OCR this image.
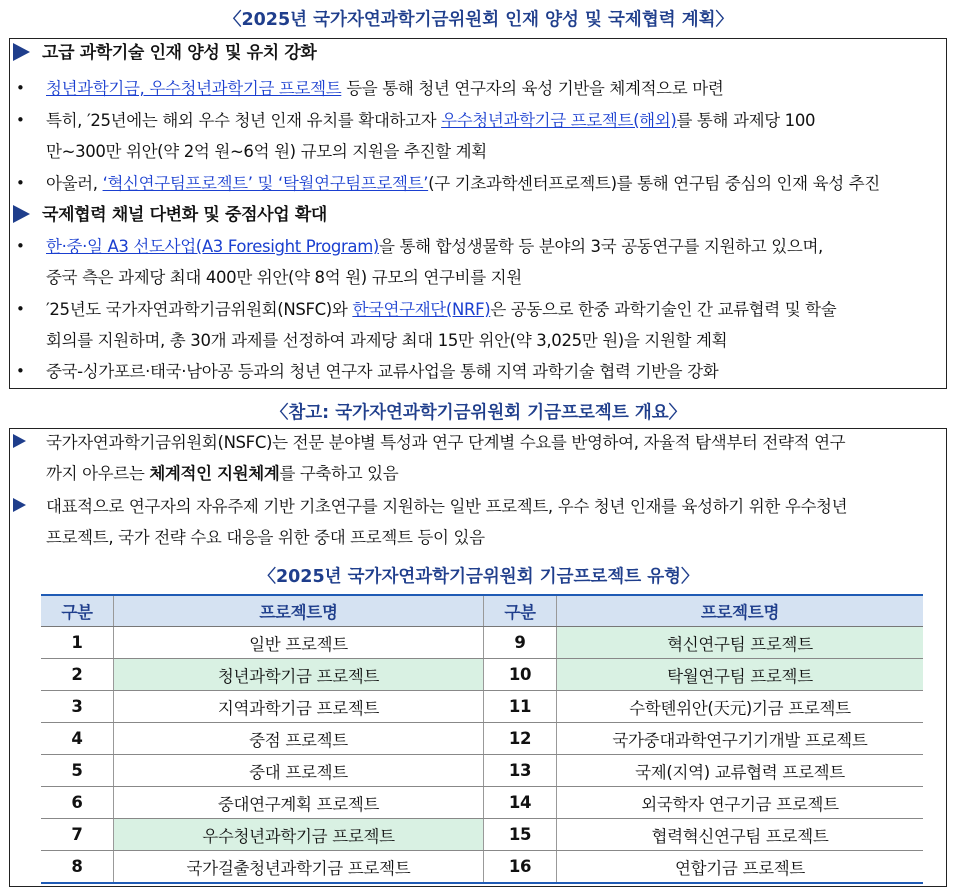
〈2025년 국가자연과학기금위원회 인재 양성 및 국제협력 계획〉
고급 과학기술 인재 양성 및 유치 강화
• 청년과학기금, 우수청년과학기금 프로젝트 등을 통해 청년 연구자의 육성 기반을 체계적으로 마련
• 특히, ′25년에는 해외 우수 청년 인재 유치를 확대하고자 우수청년과학기금 프로젝트(해외)를 통해 과제당 100
만~300만 위안(약 2억 원~6억 원) 규모의 지원을 추진할 계획
• 아울러, ‘혁신연구팀프로젝트’ 및 ‘탁월연구팀프로젝트’(구 기초과학센터프로젝트)를 통해 연구팀 중심의 인재 육성 추진
국제협력 채널 다변화 및 중점사업 확대
• 한·중·일 A3 선도사업(A3 Foresight Program)을 통해 합성생물학 등 분야의 3국 공동연구를 지원하고 있으며,
중국 측은 과제당 최대 400만 위안(약 8억 원) 규모의 연구비를 지원
• ′25년도 국가자연과학기금위원회(NSFC)와 한국연구재단(NRF)은 공동으로 한중 과학기술인 간 교류협력 및 학술
회의를 지원하며, 총 30개 과제를 선정하여 과제당 최대 15만 위안(약 3,025만 원)을 지원할 계획
• 중국-싱가포르·태국·남아공 등과의 청년 연구자 교류사업을 통해 지역 과학기술 협력 기반을 강화
〈참고: 국가자연과학기금위원회 기금프로젝트 개요〉
국가자연과학기금위원회(NSFC)는 전문 분야별 특성과 연구 단계별 수요를 반영하여, 자율적 탐색부터 전략적 연구
까지 아우르는 체계적인 지원체계를 구축하고 있음
대표적으로 연구자의 자유주제 기반 기초연구를 지원하는 일반 프로젝트, 우수 청년 인재를 육성하기 위한 우수청년
프로젝트, 국가 전략 수요 대응을 위한 중대 프로젝트 등이 있음
구분	프로젝트명	구분	프로젝트명
1	일반 프로젝트	9	혁신연구팀 프로젝트
2	청년과학기금 프로젝트	10	탁월연구팀 프로젝트
3	지역과학기금 프로젝트	11	수학톈위안(天元)기금 프로젝트
4	중점 프로젝트	12	국가중대과학연구기기개발 프로젝트
5	중대 프로젝트	13	국제(지역) 교류협력 프로젝트
6	중대연구계획 프로젝트	14	외국학자 연구기금 프로젝트
7	우수청년과학기금 프로젝트	15	협력혁신연구팀 프로젝트
8	국가걸출청년과학기금 프로젝트	16	연합기금 프로젝트
〈2025년 국가자연과학기금위원회 기금프로젝트 유형〉
